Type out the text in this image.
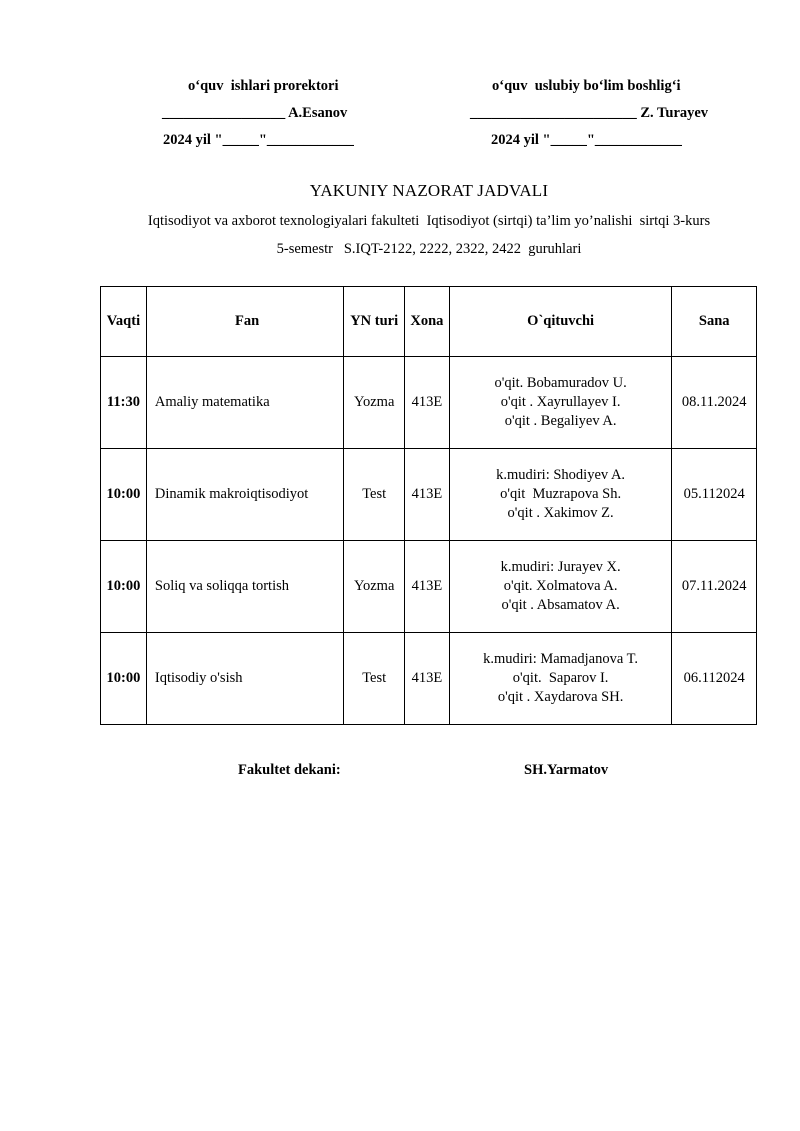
o‘quv  ishlari prorektori
_________________ A.Esanov
2024 yil "_____"____________
o‘quv  uslubiy bo‘lim boshlig‘i
_______________________ Z. Turayev
2024 yil "_____"____________
YAKUNIY NAZORAT JADVALI
Iqtisodiyot va axborot texnologiyalari fakulteti  Iqtisodiyot (sirtqi) ta’lim yo’nalishi  sirtqi 3-kurs
5-semestr   S.IQT-2122, 2222, 2322, 2422  guruhlari
Vaqti	Fan	YN turi	Xona	O`qituvchi	Sana
11:30	Amaliy matematika	Yozma	413E	o'qit. Bobamuradov U.
o'qit . Xayrullayev I.
o'qit . Begaliyev A.	08.11.2024
10:00	Dinamik makroiqtisodiyot	Test	413E	k.mudiri: Shodiyev A.
o'qit  Muzrapova Sh.
o'qit . Xakimov Z.	05.112024
10:00	Soliq va soliqqa tortish	Yozma	413E	k.mudiri: Jurayev X.
o'qit. Xolmatova A.
o'qit . Absamatov A.	07.11.2024
10:00	Iqtisodiy o'sish	Test	413E	k.mudiri: Mamadjanova T.
o'qit.  Saparov I.
o'qit . Xaydarova SH.	06.112024
Fakultet dekani:	SH.Yarmatov
